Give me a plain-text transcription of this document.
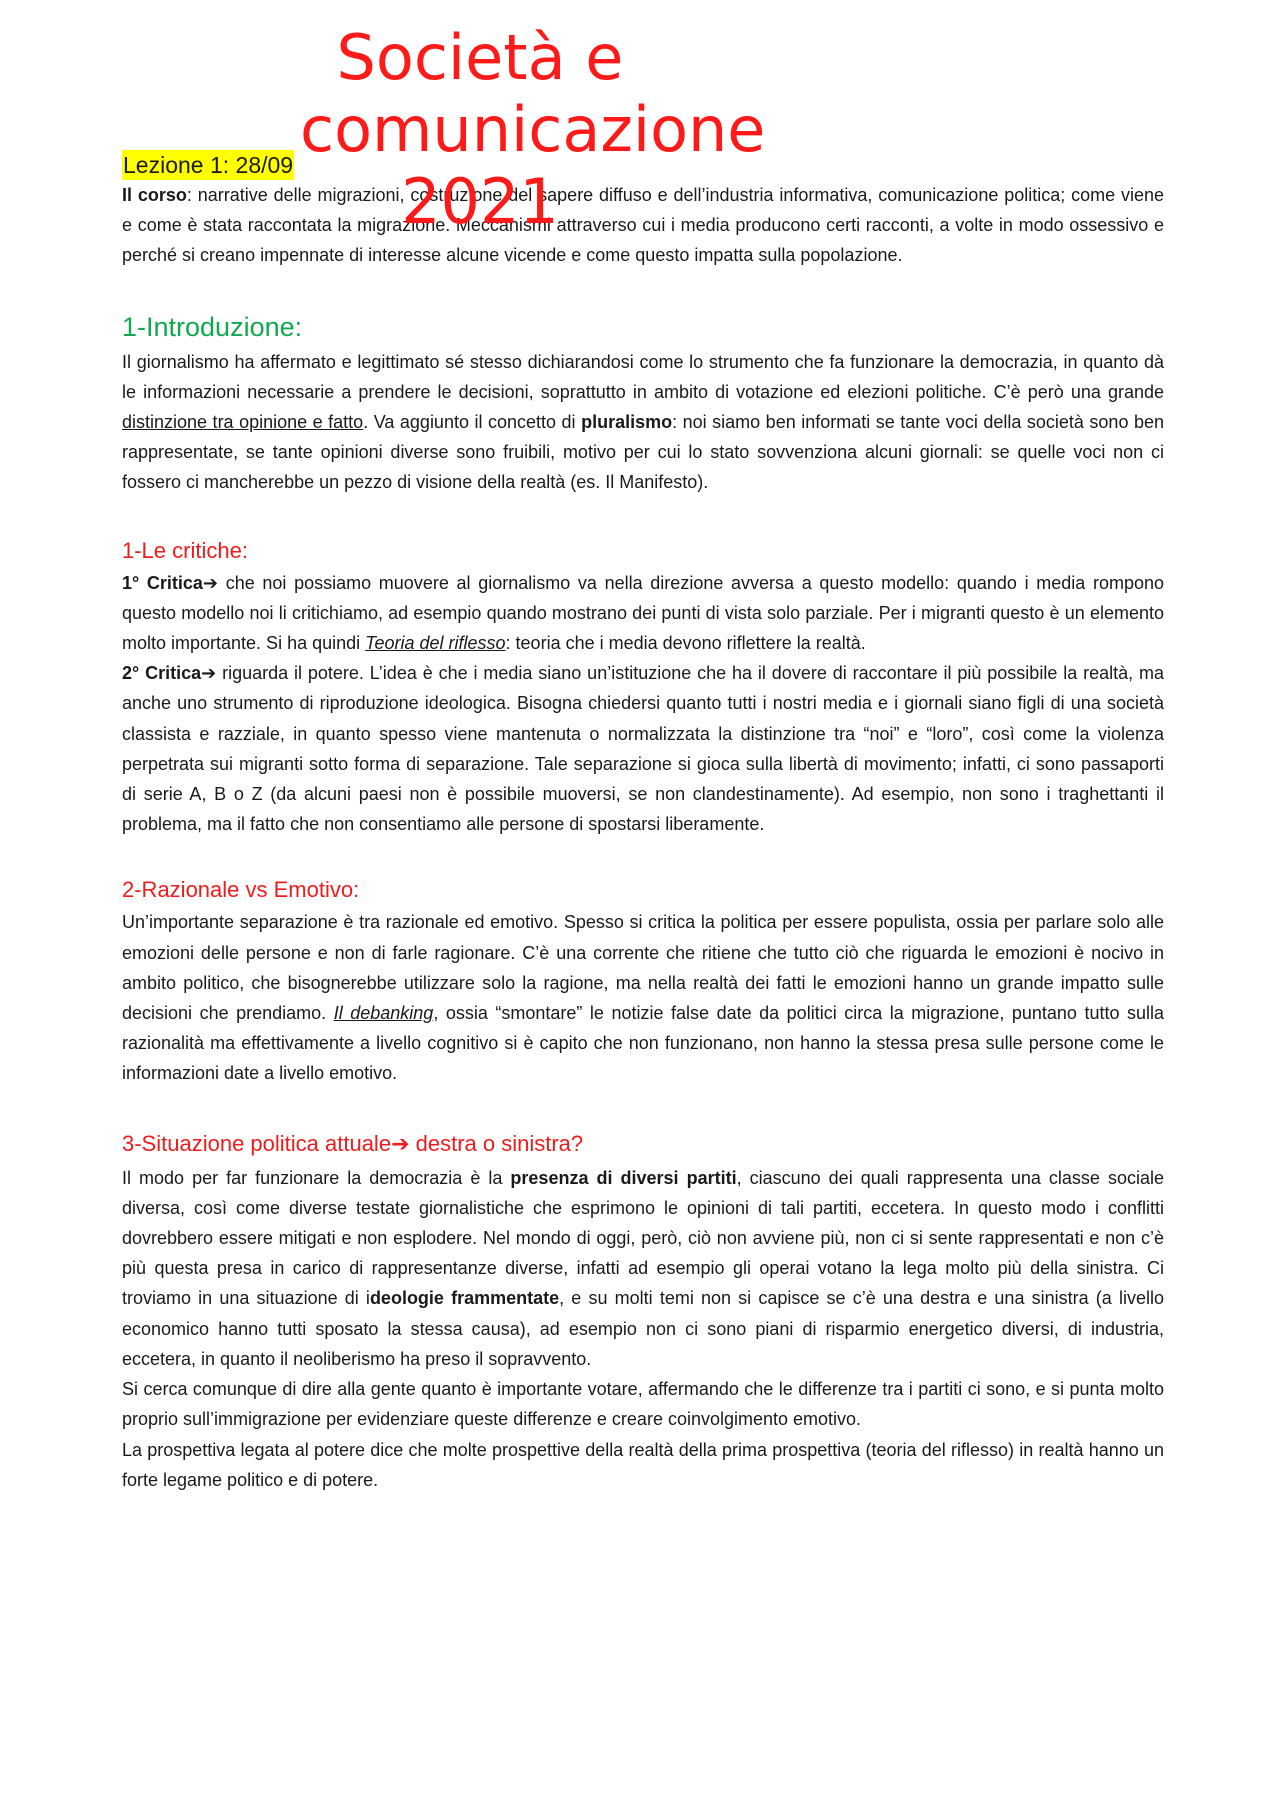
Società e comunicazione 2021
Lezione 1: 28/09

Il corso: narrative delle migrazioni, costruzione del sapere diffuso e dell’industria informativa, comunicazione politica; come viene e come è stata raccontata la migrazione. Meccanismi attraverso cui i media producono certi racconti, a volte in modo ossessivo e perché si creano impennate di interesse alcune vicende e come questo impatta sulla popolazione.

1-Introduzione:

Il giornalismo ha affermato e legittimato sé stesso dichiarandosi come lo strumento che fa funzionare la democrazia, in quanto dà le informazioni necessarie a prendere le decisioni, soprattutto in ambito di votazione ed elezioni politiche. C’è però una grande distinzione tra opinione e fatto. Va aggiunto il concetto di pluralismo: noi siamo ben informati se tante voci della società sono ben rappresentate, se tante opinioni diverse sono fruibili, motivo per cui lo stato sovvenziona alcuni giornali: se quelle voci non ci fossero ci mancherebbe un pezzo di visione della realtà (es. Il Manifesto).

1-Le critiche:

1° Critica➔ che noi possiamo muovere al giornalismo va nella direzione avversa a questo modello: quando i media rompono questo modello noi li critichiamo, ad esempio quando mostrano dei punti di vista solo parziale. Per i migranti questo è un elemento molto importante. Si ha quindi Teoria del riflesso: teoria che i media devono riflettere la realtà.

2° Critica➔ riguarda il potere. L’idea è che i media siano un’istituzione che ha il dovere di raccontare il più possibile la realtà, ma anche uno strumento di riproduzione ideologica. Bisogna chiedersi quanto tutti i nostri media e i giornali siano figli di una società classista e razziale, in quanto spesso viene mantenuta o normalizzata la distinzione tra “noi” e “loro”, così come la violenza perpetrata sui migranti sotto forma di separazione. Tale separazione si gioca sulla libertà di movimento; infatti, ci sono passaporti di serie A, B o Z (da alcuni paesi non è possibile muoversi, se non clandestinamente). Ad esempio, non sono i traghettanti il problema, ma il fatto che non consentiamo alle persone di spostarsi liberamente.

2-Razionale vs Emotivo:

Un’importante separazione è tra razionale ed emotivo. Spesso si critica la politica per essere populista, ossia per parlare solo alle emozioni delle persone e non di farle ragionare. C’è una corrente che ritiene che tutto ciò che riguarda le emozioni è nocivo in ambito politico, che bisognerebbe utilizzare solo la ragione, ma nella realtà dei fatti le emozioni hanno un grande impatto sulle decisioni che prendiamo. Il debanking, ossia “smontare” le notizie false date da politici circa la migrazione, puntano tutto sulla razionalità ma effettivamente a livello cognitivo si è capito che non funzionano, non hanno la stessa presa sulle persone come le informazioni date a livello emotivo.

3-Situazione politica attuale➔ destra o sinistra?

Il modo per far funzionare la democrazia è la presenza di diversi partiti, ciascuno dei quali rappresenta una classe sociale diversa, così come diverse testate giornalistiche che esprimono le opinioni di tali partiti, eccetera. In questo modo i conflitti dovrebbero essere mitigati e non esplodere. Nel mondo di oggi, però, ciò non avviene più, non ci si sente rappresentati e non c’è più questa presa in carico di rappresentanze diverse, infatti ad esempio gli operai votano la lega molto più della sinistra. Ci troviamo in una situazione di ideologie frammentate, e su molti temi non si capisce se c’è una destra e una sinistra (a livello economico hanno tutti sposato la stessa causa), ad esempio non ci sono piani di risparmio energetico diversi, di industria, eccetera, in quanto il neoliberismo ha preso il sopravvento.

Si cerca comunque di dire alla gente quanto è importante votare, affermando che le differenze tra i partiti ci sono, e si punta molto proprio sull’immigrazione per evidenziare queste differenze e creare coinvolgimento emotivo.

La prospettiva legata al potere dice che molte prospettive della realtà della prima prospettiva (teoria del riflesso) in realtà hanno un forte legame politico e di potere.
